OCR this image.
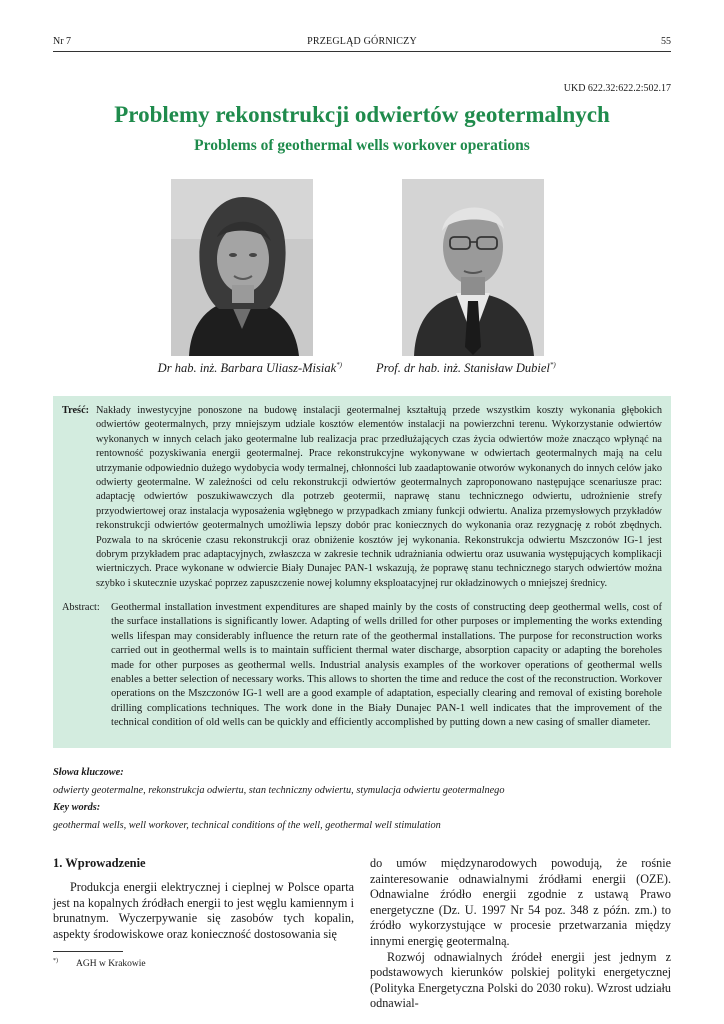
Nr 7	PRZEGLĄD GÓRNICZY	55
UKD 622.32:622.2:502.17
Problemy rekonstrukcji odwiertów geotermalnych
Problems of geothermal wells workover operations
Dr hab. inż. Barbara Uliasz-Misiak*)	Prof. dr hab. inż. Stanisław Dubiel*)
Treść: Nakłady inwestycyjne ponoszone na budowę instalacji geotermalnej kształtują przede wszystkim koszty wykonania głębokich odwiertów geotermalnych, przy mniejszym udziale kosztów elementów instalacji na powierzchni terenu. Wykorzystanie odwiertów wykonanych w innych celach jako geotermalne lub realizacja prac przedłużających czas życia odwiertów może znacząco wpłynąć na rentowność pozyskiwania energii geotermalnej. Prace rekonstrukcyjne wykonywane w odwiertach geotermalnych mają na celu utrzymanie odpowiednio dużego wydobycia wody termalnej, chłonności lub zaadaptowanie otworów wykonanych do innych celów jako odwierty geotermalne. W zależności od celu rekonstrukcji odwiertów geotermalnych zaproponowano następujące scenariusze prac: adaptację odwiertów poszukiwawczych dla potrzeb geotermii, naprawę stanu technicznego odwiertu, udrożnienie strefy przyodwiertowej oraz instalacja wyposażenia wgłębnego w przypadkach zmiany funkcji odwiertu. Analiza przemysłowych przykładów rekonstrukcji odwiertów geotermalnych umożliwia lepszy dobór prac koniecznych do wykonania oraz rezygnację z robót zbędnych. Pozwala to na skrócenie czasu rekonstrukcji oraz obniżenie kosztów jej wykonania. Rekonstrukcja odwiertu Mszczonów IG-1 jest dobrym przykładem prac adaptacyjnych, zwłaszcza w zakresie technik udrażniania odwiertu oraz usuwania występujących komplikacji wiertniczych. Prace wykonane w odwiercie Biały Dunajec PAN-1 wskazują, że poprawę stanu technicznego starych odwiertów można szybko i skutecznie uzyskać poprzez zapuszczenie nowej kolumny eksploatacyjnej rur okładzinowych o mniejszej średnicy.
Abstract: Geothermal installation investment expenditures are shaped mainly by the costs of constructing deep geothermal wells, cost of the surface installations is significantly lower. Adapting of wells drilled for other purposes or implementing the works extending wells lifespan may considerably influence the return rate of the geothermal installations. The purpose for reconstruction works carried out in geothermal wells is to maintain sufficient thermal water discharge, absorption capacity or adapting the boreholes made for other purposes as geothermal wells. Industrial analysis examples of the workover operations of geothermal wells enables a better selection of necessary works. This allows to shorten the time and reduce the cost of the reconstruction. Workover operations on the Mszczonów IG-1 well are a good example of adaptation, especially clearing and removal of existing borehole drilling complications techniques. The work done in the Biały Dunajec PAN-1 well indicates that the improvement of the technical condition of old wells can be quickly and efficiently accomplished by putting down a new casing of smaller diameter.
Słowa kluczowe:
odwierty geotermalne, rekonstrukcja odwiertu, stan techniczny odwiertu, stymulacja odwiertu geotermalnego
Key words:
geothermal wells, well workover, technical conditions of the well, geothermal well stimulation
1. Wprowadzenie
Produkcja energii elektrycznej i cieplnej w Polsce oparta jest na kopalnych źródłach energii to jest węglu kamiennym i brunatnym. Wyczerpywanie się zasobów tych kopalin, aspekty środowiskowe oraz konieczność dostosowania się

do umów międzynarodowych powodują, że rośnie zainteresowanie odnawialnymi źródłami energii (OZE). Odnawialne źródło energii zgodnie z ustawą Prawo energetyczne (Dz. U. 1997 Nr 54 poz. 348 z późn. zm.) to źródło wykorzystujące w procesie przetwarzania między innymi energię geotermalną.

Rozwój odnawialnych źródeł energii jest jednym z podstawowych kierunków polskiej polityki energetycznej (Polityka Energetyczna Polski do 2030 roku). Wzrost udziału odnawial-

*) AGH w Krakowie
